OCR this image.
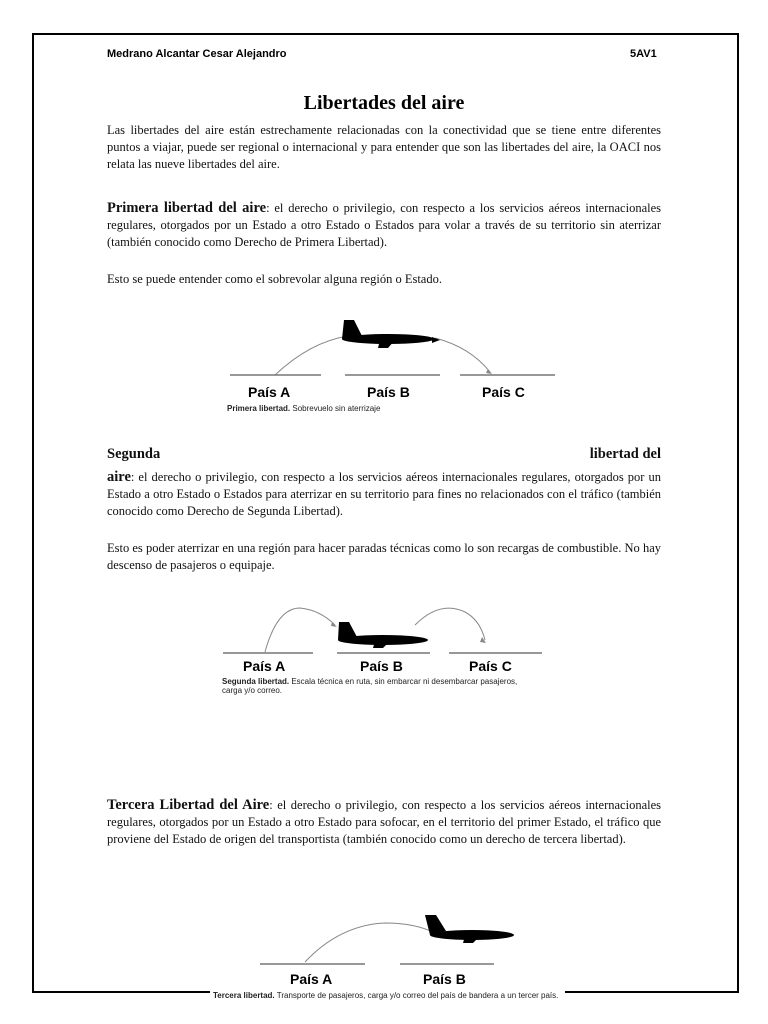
Medrano Alcantar Cesar Alejandro	5AV1
Libertades del aire

Las libertades del aire están estrechamente relacionadas con la conectividad que se tiene entre diferentes puntos a viajar, puede ser regional o internacional y para entender que son las libertades del aire, la OACI nos relata las nueve libertades del aire.

Primera libertad del aire: el derecho o privilegio, con respecto a los servicios aéreos internacionales regulares, otorgados por un Estado a otro Estado o Estados para volar a través de su territorio sin aterrizar (también conocido como Derecho de Primera Libertad).

Esto se puede entender como el sobrevolar alguna región o Estado.

País A	País B	País C
Primera libertad. Sobrevuelo sin aterrizaje
Segunda	libertad del

aire: el derecho o privilegio, con respecto a los servicios aéreos internacionales regulares, otorgados por un Estado a otro Estado o Estados para aterrizar en su territorio para fines no relacionados con el tráfico (también conocido como Derecho de Segunda Libertad).

Esto es poder aterrizar en una región para hacer paradas técnicas como lo son recargas de combustible. No hay descenso de pasajeros o equipaje.

País A	País B	País C
Segunda libertad. Escala técnica en ruta, sin embarcar ni desembarcar pasajeros, carga y/o correo.

Tercera Libertad del Aire: el derecho o privilegio, con respecto a los servicios aéreos internacionales regulares, otorgados por un Estado a otro Estado para sofocar, en el territorio del primer Estado, el tráfico que proviene del Estado de origen del transportista (también conocido como un derecho de tercera libertad).

País A	País B
Tercera libertad. Transporte de pasajeros, carga y/o correo del país de bandera a un tercer país.
